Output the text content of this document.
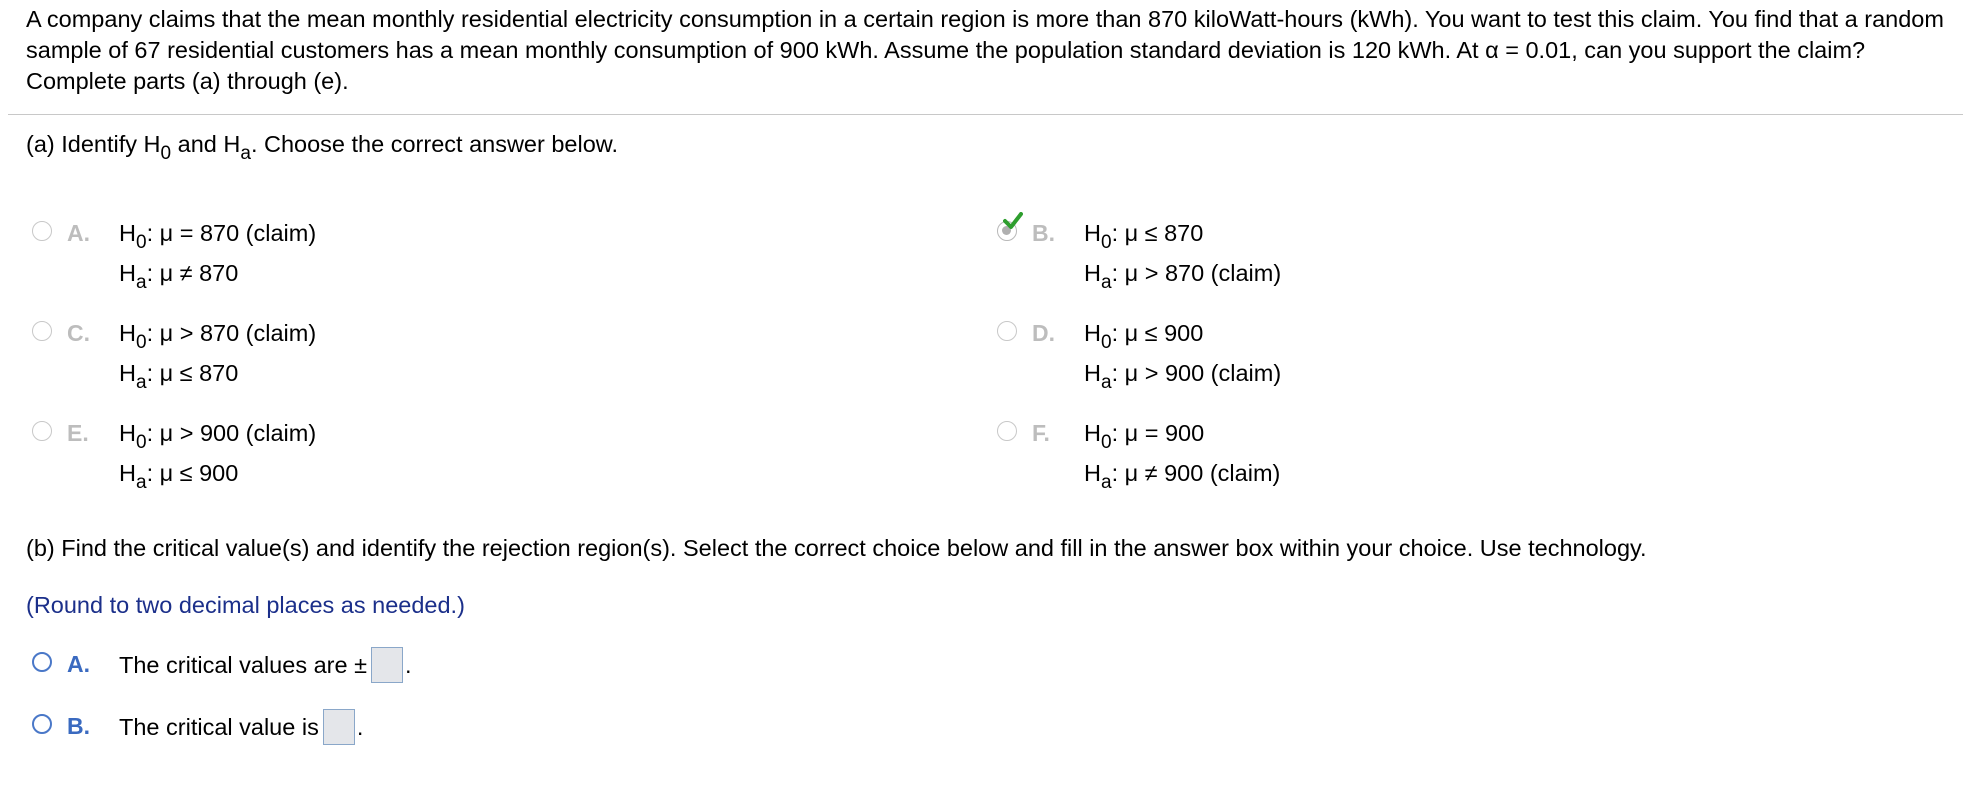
A company claims that the mean monthly residential electricity consumption in a certain region is more than 870 kiloWatt-hours (kWh). You want to test this claim. You find that a random sample of 67 residential customers has a mean monthly consumption of 900 kWh. Assume the population standard deviation is 120 kWh. At α = 0.01, can you support the claim? Complete parts (a) through (e).
(a) Identify $H_0$ and $H_a$. Choose the correct answer below.
A. $H_0$: μ = 870 (claim)
$H_a$: μ ≠ 870
B. $H_0$: μ ≤ 870
$H_a$: μ > 870 (claim)
C. $H_0$: μ > 870 (claim)
$H_a$: μ ≤ 870
D. $H_0$: μ ≤ 900
$H_a$: μ > 900 (claim)
E. $H_0$: μ > 900 (claim)
$H_a$: μ ≤ 900
F. $H_0$: μ = 900
$H_a$: μ ≠ 900 (claim)
(b) Find the critical value(s) and identify the rejection region(s). Select the correct choice below and fill in the answer box within your choice. Use technology.
(Round to two decimal places as needed.)
A. The critical values are ± .
B. The critical value is .
